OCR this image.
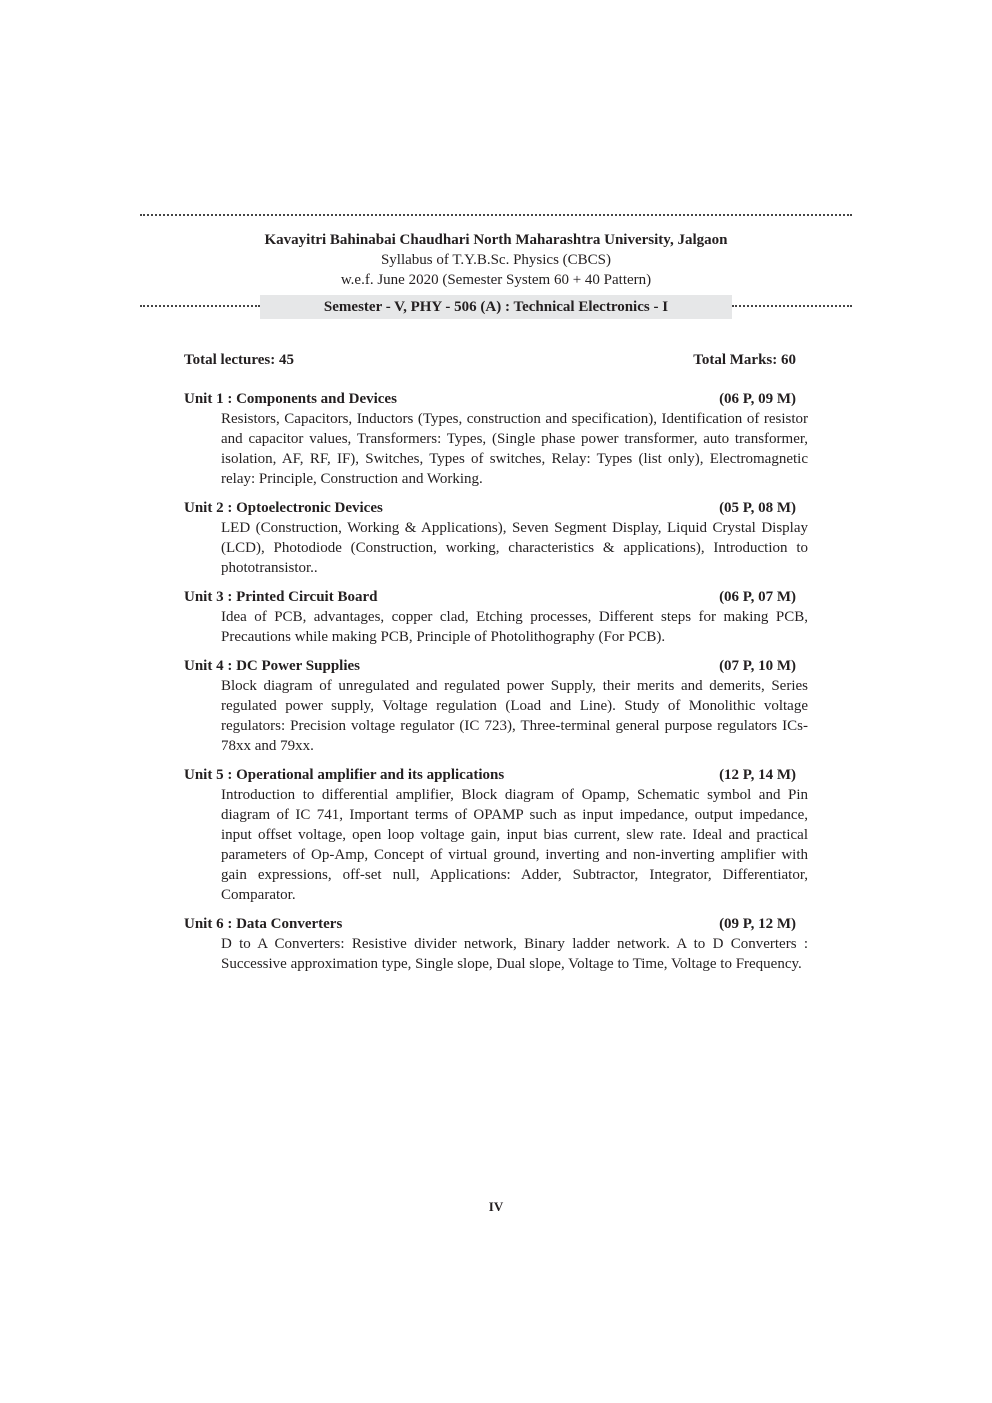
Kavayitri Bahinabai Chaudhari North Maharashtra University, Jalgaon
Syllabus of T.Y.B.Sc. Physics (CBCS)
w.e.f. June 2020 (Semester System 60 + 40 Pattern)
Semester - V, PHY - 506 (A) : Technical Electronics - I
Total lectures: 45	Total Marks: 60
Unit 1 : Components and Devices	(06 P, 09 M)
Resistors, Capacitors, Inductors (Types, construction and specification), Identification of resistor and capacitor values, Transformers: Types, (Single phase power transformer, auto transformer, isolation, AF, RF, IF), Switches, Types of switches, Relay: Types (list only), Electromagnetic relay: Principle, Construction and Working.
Unit 2 : Optoelectronic Devices	(05 P, 08 M)
LED (Construction, Working & Applications), Seven Segment Display, Liquid Crystal Display (LCD), Photodiode (Construction, working, characteristics & applications), Introduction to phototransistor..
Unit 3 : Printed Circuit Board	(06 P, 07 M)
Idea of PCB, advantages, copper clad, Etching processes, Different steps for making PCB, Precautions while making PCB, Principle of Photolithography (For PCB).
Unit 4 : DC Power Supplies	(07 P, 10 M)
Block diagram of unregulated and regulated power Supply, their merits and demerits, Series regulated power supply, Voltage regulation (Load and Line). Study of Monolithic voltage regulators: Precision voltage regulator (IC 723), Three-terminal general purpose regulators ICs- 78xx and 79xx.
Unit 5 : Operational amplifier and its applications	(12 P, 14 M)
Introduction to differential amplifier, Block diagram of Opamp, Schematic symbol and Pin diagram of IC 741, Important terms of OPAMP such as input impedance, output impedance, input offset voltage, open loop voltage gain, input bias current, slew rate. Ideal and practical parameters of Op-Amp, Concept of virtual ground, inverting and non-inverting amplifier with gain expressions, off-set null, Applications: Adder, Subtractor, Integrator, Differentiator, Comparator.
Unit 6 : Data Converters	(09 P, 12 M)
D to A Converters: Resistive divider network, Binary ladder network. A to D Converters : Successive approximation type, Single slope, Dual slope, Voltage to Time, Voltage to Frequency.
IV
